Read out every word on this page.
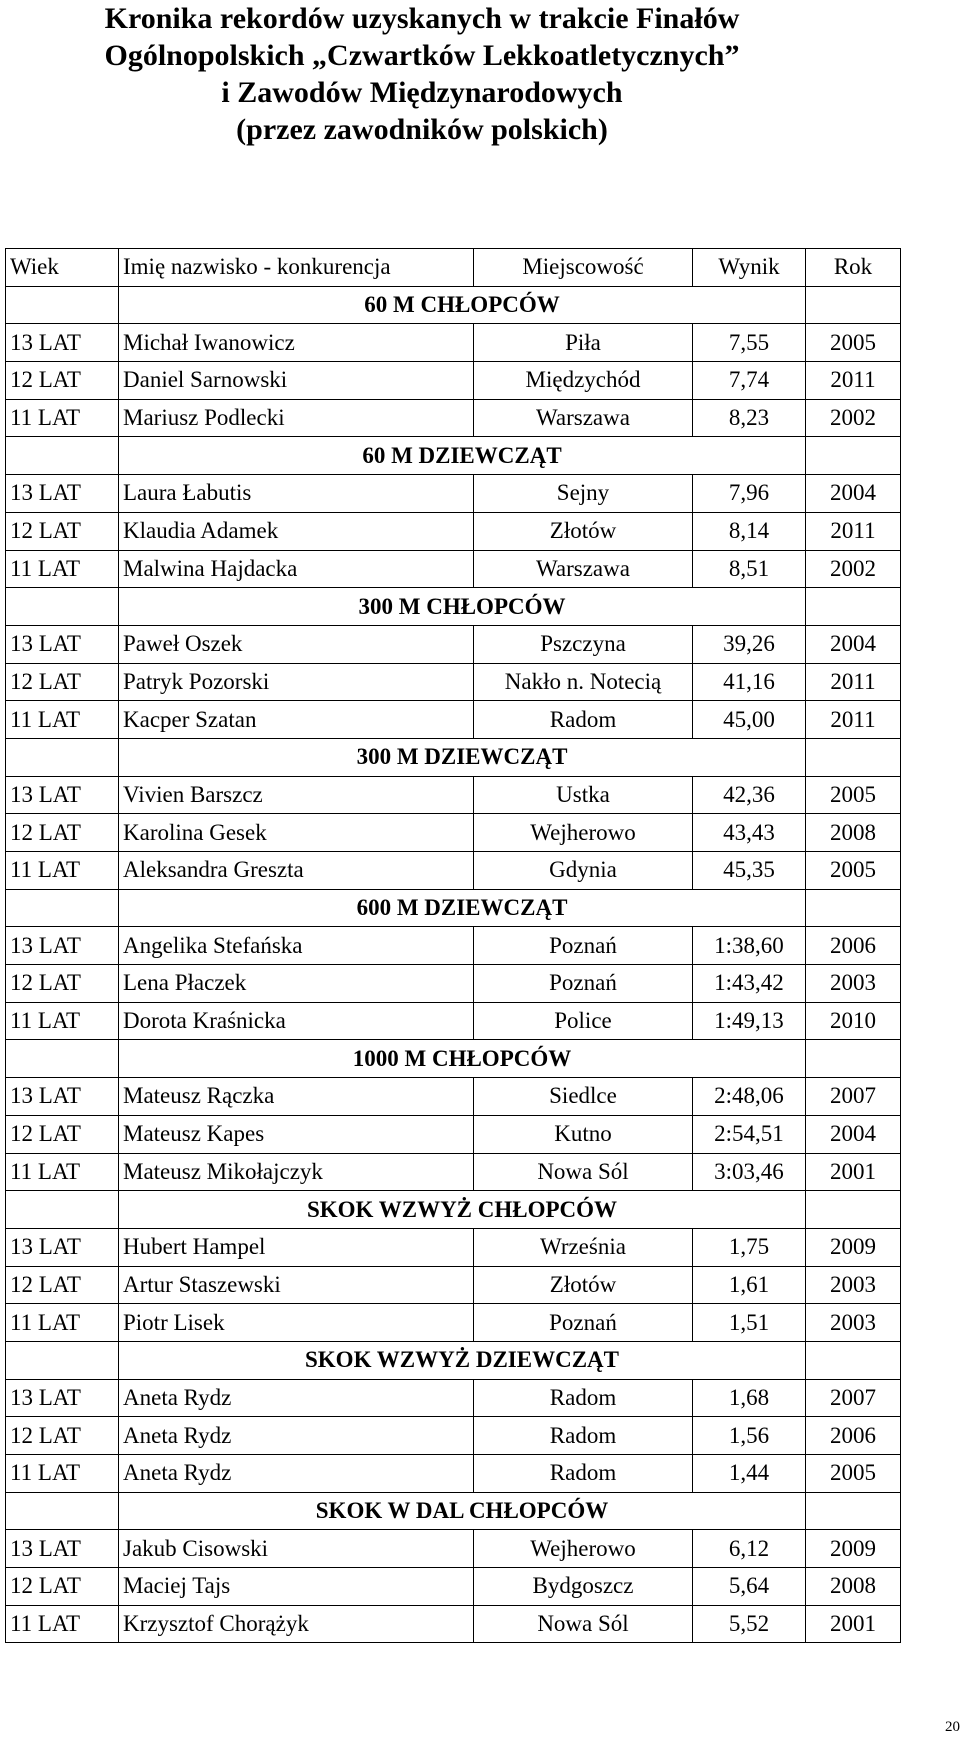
Kronika rekordów uzyskanych w trakcie Finałów
Ogólnopolskich „Czwartków Lekkoatletycznych”
i Zawodów Międzynarodowych
(przez zawodników polskich)
Wiek	Imię nazwisko - konkurencja	Miejscowość	Wynik	Rok
	60 M CHŁOPCÓW			
13 LAT	Michał Iwanowicz	Piła	7,55	2005
12 LAT	Daniel Sarnowski	Międzychód	7,74	2011
11 LAT	Mariusz Podlecki	Warszawa	8,23	2002
	60 M DZIEWCZĄT			
13 LAT	Laura Łabutis	Sejny	7,96	2004
12 LAT	Klaudia Adamek	Złotów	8,14	2011
11 LAT	Malwina Hajdacka	Warszawa	8,51	2002
	300 M CHŁOPCÓW			
13 LAT	Paweł Oszek	Pszczyna	39,26	2004
12 LAT	Patryk Pozorski	Nakło n. Notecią	41,16	2011
11 LAT	Kacper Szatan	Radom	45,00	2011
	300 M DZIEWCZĄT			
13 LAT	Vivien Barszcz	Ustka	42,36	2005
12 LAT	Karolina Gesek	Wejherowo	43,43	2008
11 LAT	Aleksandra Greszta	Gdynia	45,35	2005
	600 M DZIEWCZĄT			
13 LAT	Angelika Stefańska	Poznań	1:38,60	2006
12 LAT	Lena Płaczek	Poznań	1:43,42	2003
11 LAT	Dorota Kraśnicka	Police	1:49,13	2010
	1000 M CHŁOPCÓW			
13 LAT	Mateusz Rączka	Siedlce	2:48,06	2007
12 LAT	Mateusz Kapes	Kutno	2:54,51	2004
11 LAT	Mateusz Mikołajczyk	Nowa Sól	3:03,46	2001
	SKOK WZWYŻ CHŁOPCÓW			
13 LAT	Hubert Hampel	Września	1,75	2009
12 LAT	Artur Staszewski	Złotów	1,61	2003
11 LAT	Piotr Lisek	Poznań	1,51	2003
	SKOK WZWYŻ DZIEWCZĄT			
13 LAT	Aneta Rydz	Radom	1,68	2007
12 LAT	Aneta Rydz	Radom	1,56	2006
11 LAT	Aneta Rydz	Radom	1,44	2005
	SKOK W DAL CHŁOPCÓW			
13 LAT	Jakub Cisowski	Wejherowo	6,12	2009
12 LAT	Maciej Tajs	Bydgoszcz	5,64	2008
11 LAT	Krzysztof Chorążyk	Nowa Sól	5,52	2001
20
